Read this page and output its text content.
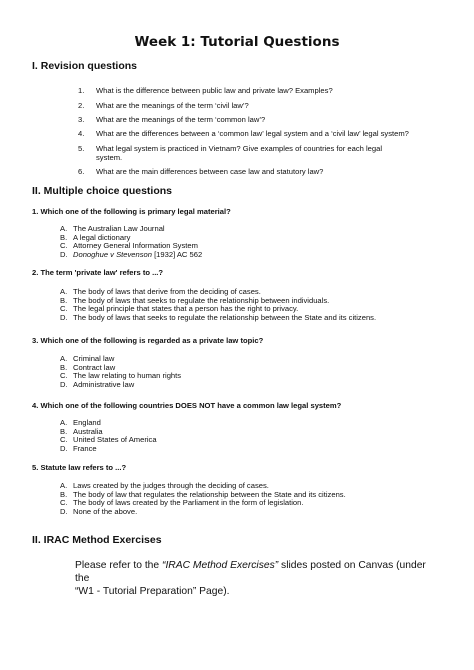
Week 1: Tutorial Questions
I. Revision questions
1. What is the difference between public law and private law? Examples?
2. What are the meanings of the term ‘civil law’?
3. What are the meanings of the term ‘common law’?
4. What are the differences between a ‘common law’ legal system and a ‘civil law’ legal system?
5. What legal system is practiced in Vietnam? Give examples of countries for each legal
system.
6. What are the main differences between case law and statutory law?
II. Multiple choice questions
1. Which one of the following is primary legal material?
A. The Australian Law Journal
B. A legal dictionary
C. Attorney General Information System
D. Donoghue v Stevenson [1932] AC 562
2. The term 'private law' refers to ...?
A. The body of laws that derive from the deciding of cases.
B. The body of laws that seeks to regulate the relationship between individuals.
C. The legal principle that states that a person has the right to privacy.
D. The body of laws that seeks to regulate the relationship between the State and its citizens.
3. Which one of the following is regarded as a private law topic?
A. Criminal law
B. Contract law
C. The law relating to human rights
D. Administrative law
4. Which one of the following countries DOES NOT have a common law legal system?
A. England
B. Australia
C. United States of America
D. France
5. Statute law refers to ...?
A. Laws created by the judges through the deciding of cases.
B. The body of law that regulates the relationship between the State and its citizens.
C. The body of laws created by the Parliament in the form of legislation.
D. None of the above.
II. IRAC Method Exercises
Please refer to the “IRAC Method Exercises” slides posted on Canvas (under the
“W1 - Tutorial Preparation” Page).
